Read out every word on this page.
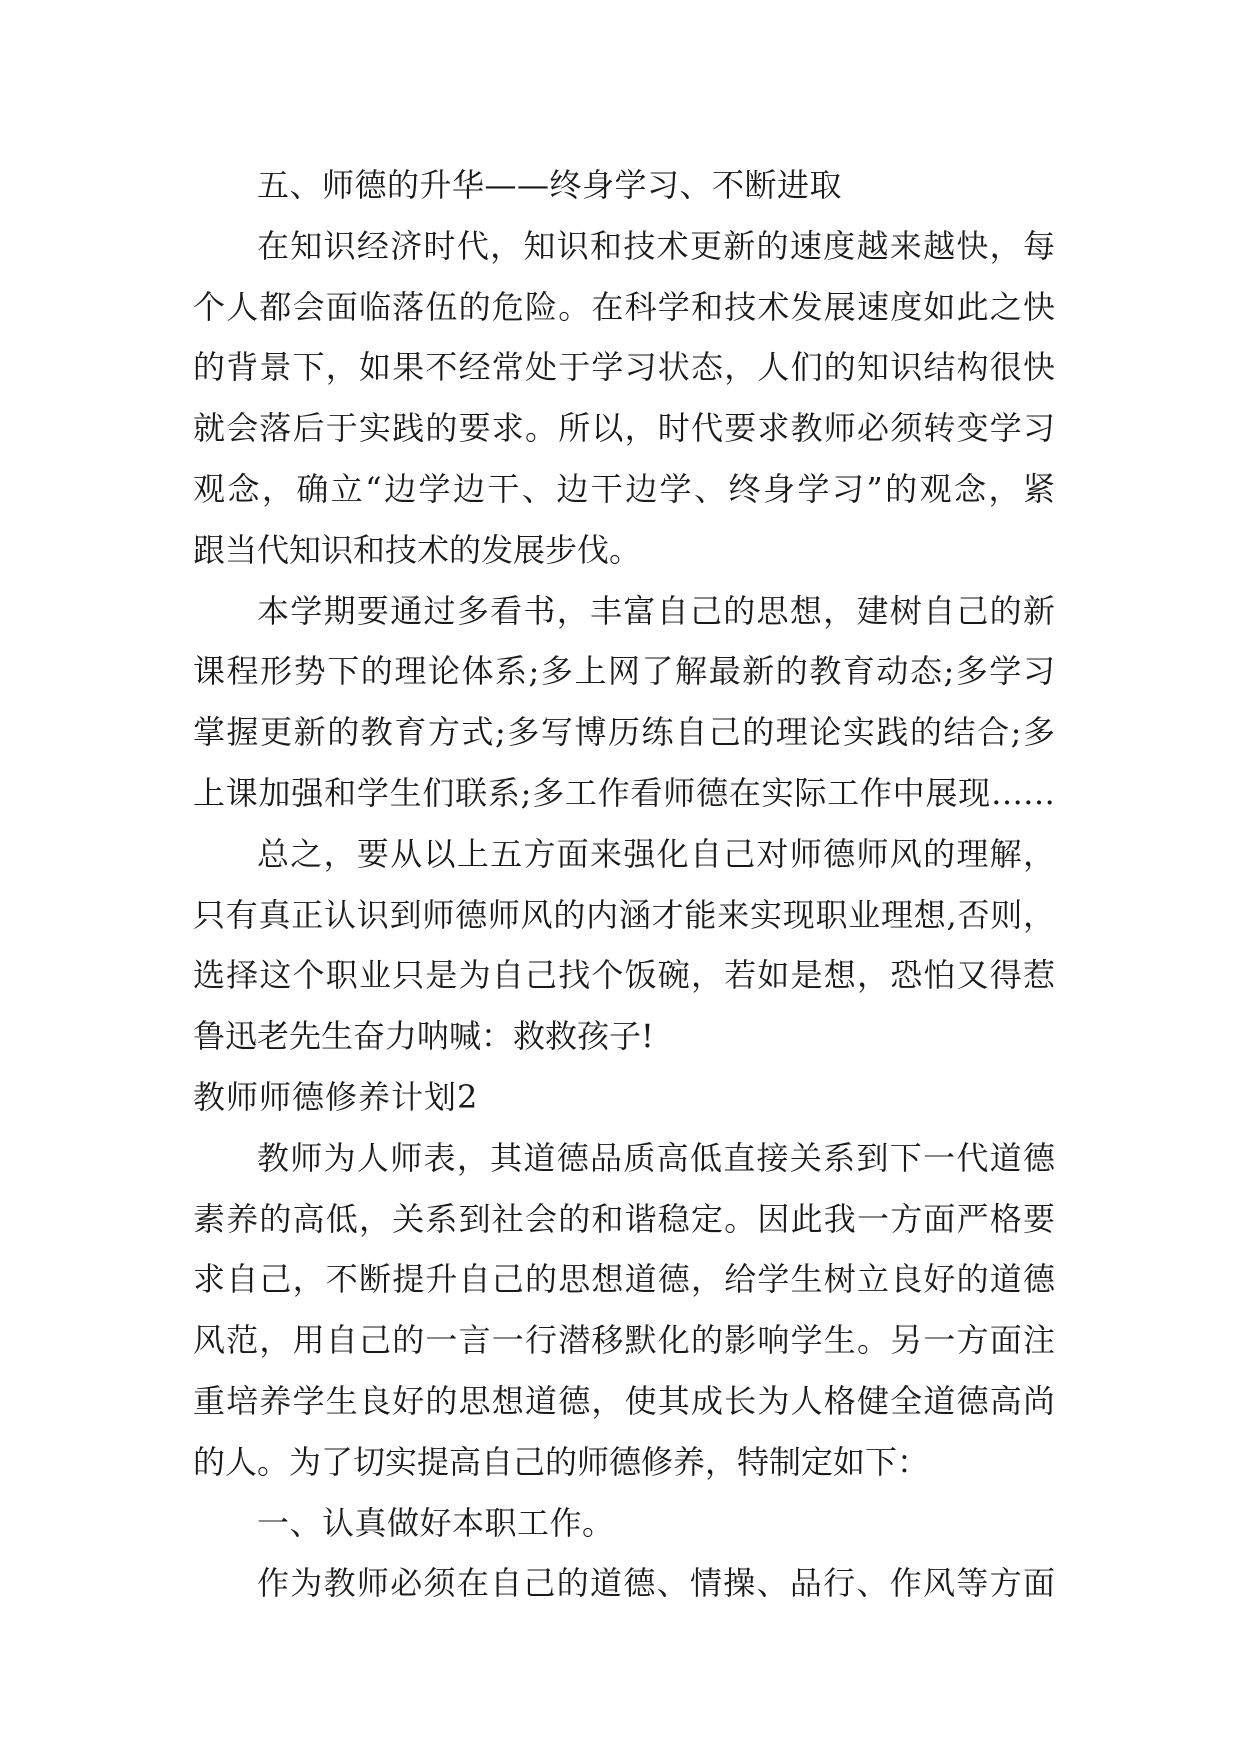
五、师德的升华——终身学习、不断进取
在知识经济时代，知识和技术更新的速度越来越快，每
个人都会面临落伍的危险。在科学和技术发展速度如此之快
的背景下，如果不经常处于学习状态，人们的知识结构很快
就会落后于实践的要求。所以，时代要求教师必须转变学习
观念，确立“边学边干、边干边学、终身学习”的观念，紧
跟当代知识和技术的发展步伐。
本学期要通过多看书，丰富自己的思想，建树自己的新
课程形势下的理论体系;多上网了解最新的教育动态;多学习
掌握更新的教育方式;多写博历练自己的理论实践的结合;多
上课加强和学生们联系;多工作看师德在实际工作中展现……
总之，要从以上五方面来强化自己对师德师风的理解，
只有真正认识到师德师风的内涵才能来实现职业理想,否则，
选择这个职业只是为自己找个饭碗，若如是想，恐怕又得惹
鲁迅老先生奋力呐喊：救救孩子!
教师师德修养计划2
教师为人师表，其道德品质高低直接关系到下一代道德
素养的高低，关系到社会的和谐稳定。因此我一方面严格要
求自己，不断提升自己的思想道德，给学生树立良好的道德
风范，用自己的一言一行潜移默化的影响学生。另一方面注
重培养学生良好的思想道德，使其成长为人格健全道德高尚
的人。为了切实提高自己的师德修养，特制定如下：
一、认真做好本职工作。
作为教师必须在自己的道德、情操、品行、作风等方面
